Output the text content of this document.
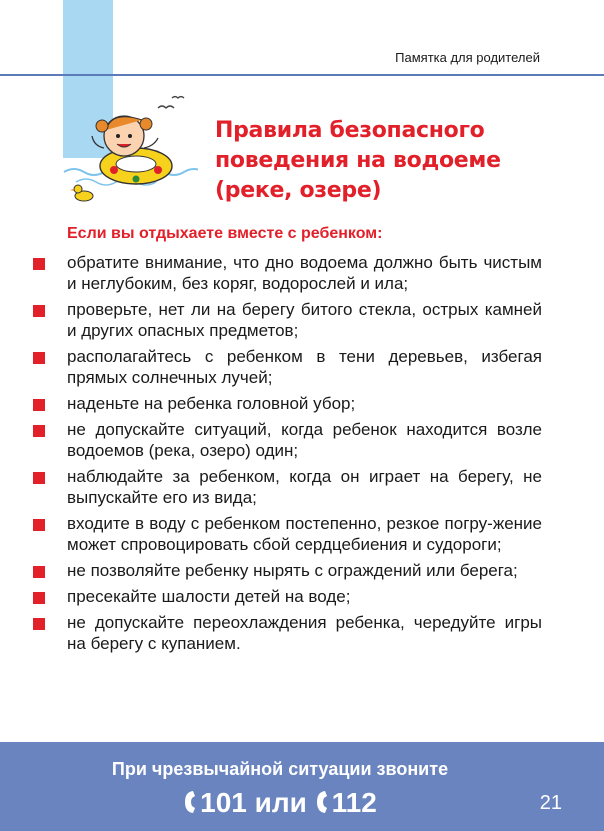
Памятка для родителей
Правила безопасного
поведения на водоеме
(реке, озере)
Если вы отдыхаете вместе с ребенком:
обратите внимание, что дно водоема должно быть чистым и неглубоким, без коряг, водорослей и ила;
проверьте, нет ли на берегу битого стекла, острых камней и других опасных предметов;
располагайтесь с ребенком в тени деревьев, избегая прямых солнечных лучей;
наденьте на ребенка головной убор;
не допускайте ситуаций, когда ребенок находится возле водоемов (река, озеро) один;
наблюдайте за ребенком, когда он играет на берегу, не выпускайте его из вида;
входите в воду с ребенком постепенно, резкое погру-жение может спровоцировать сбой сердцебиения и судороги;
не позволяйте ребенку нырять с ограждений или берега;
пресекайте шалости детей на воде;
не допускайте переохлаждения ребенка, чередуйте игры на берегу с купанием.
При чрезвычайной ситуации звоните
101 или 112	21
